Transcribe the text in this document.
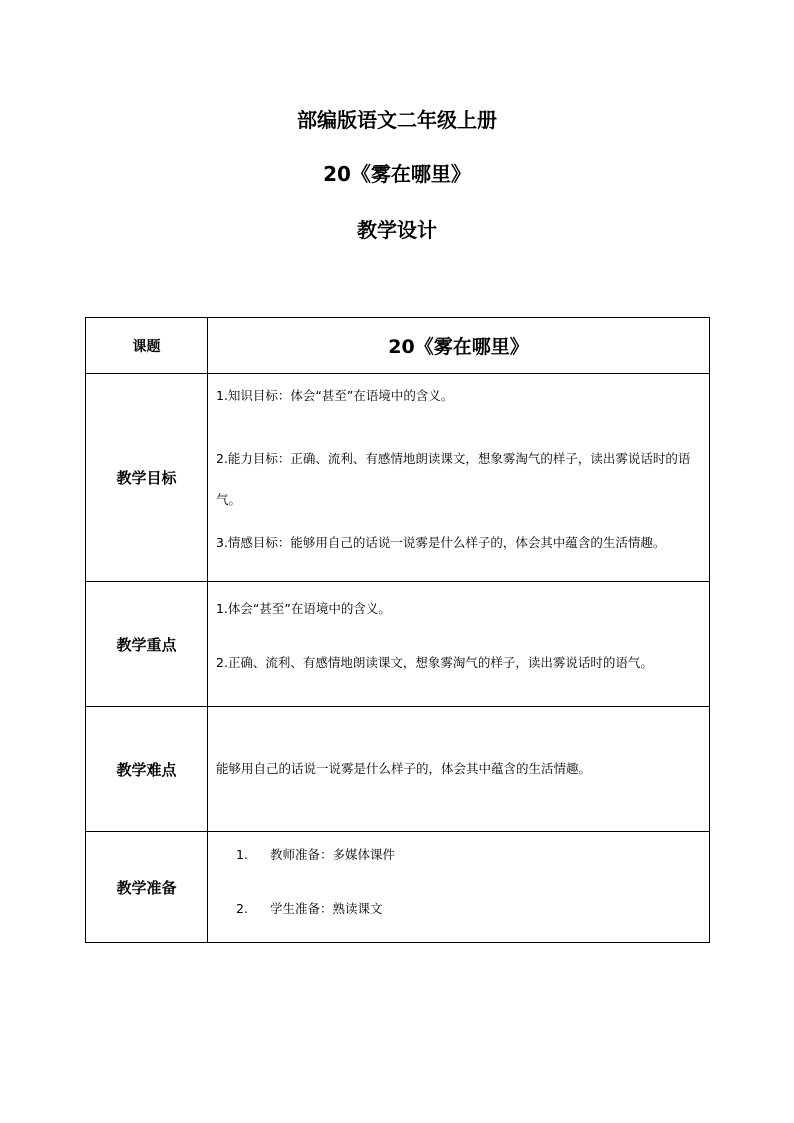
部编版语文二年级上册
20《雾在哪里》
教学设计
课题	20《雾在哪里》
教学目标	1.知识目标：体会“甚至”在语境中的含义。
2.能力目标：正确、流利、有感情地朗读课文，想象雾淘气的样子，读出雾说话时的语气。
3.情感目标：能够用自己的话说一说雾是什么样子的，体会其中蕴含的生活情趣。

教学重点	1.体会“甚至”在语境中的含义。
2.正确、流利、有感情地朗读课文，想象雾淘气的样子，读出雾说话时的语气。

教学难点	能够用自己的话说一说雾是什么样子的，体会其中蕴含的生活情趣。

教学准备	1. 教师准备：多媒体课件
2. 学生准备：熟读课文
